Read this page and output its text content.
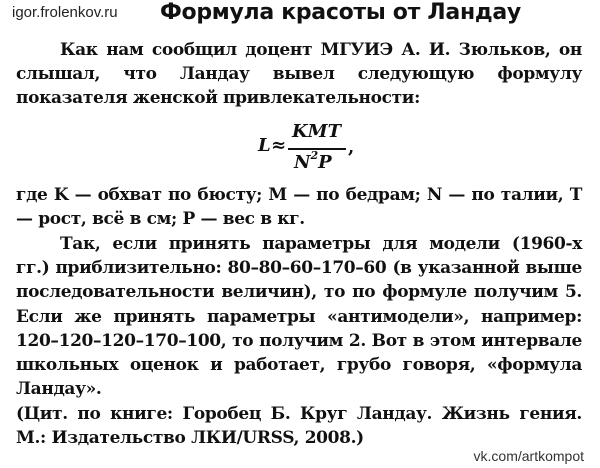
igor.frolenkov.ru Формула красоты от Ландау
Как нам сообщил доцент МГУИЭ А. И. Зюльков, он слышал, что Ландау вывел следующую формулу показателя женской привлекательности:
L ≈
KMT
$N^2P$
,
где K — обхват по бюсту; M — по бедрам; N — по талии, T — рост, всё в см; P — вес в кг.
Так, если принять параметры для модели (1960-х гг.) приблизительно: 80–80–60–170–60 (в указанной выше последовательности величин), то по формуле получим 5. Если же принять параметры «антимодели», например: 120–120–120–170–100, то получим 2. Вот в этом интервале школьных оценок и работает, грубо говоря, «формула Ландау».
(Цит. по книге: Горобец Б. Круг Ландау. Жизнь гения. М.: Издательство ЛКИ/URSS, 2008.)
vk.com/artkompot
